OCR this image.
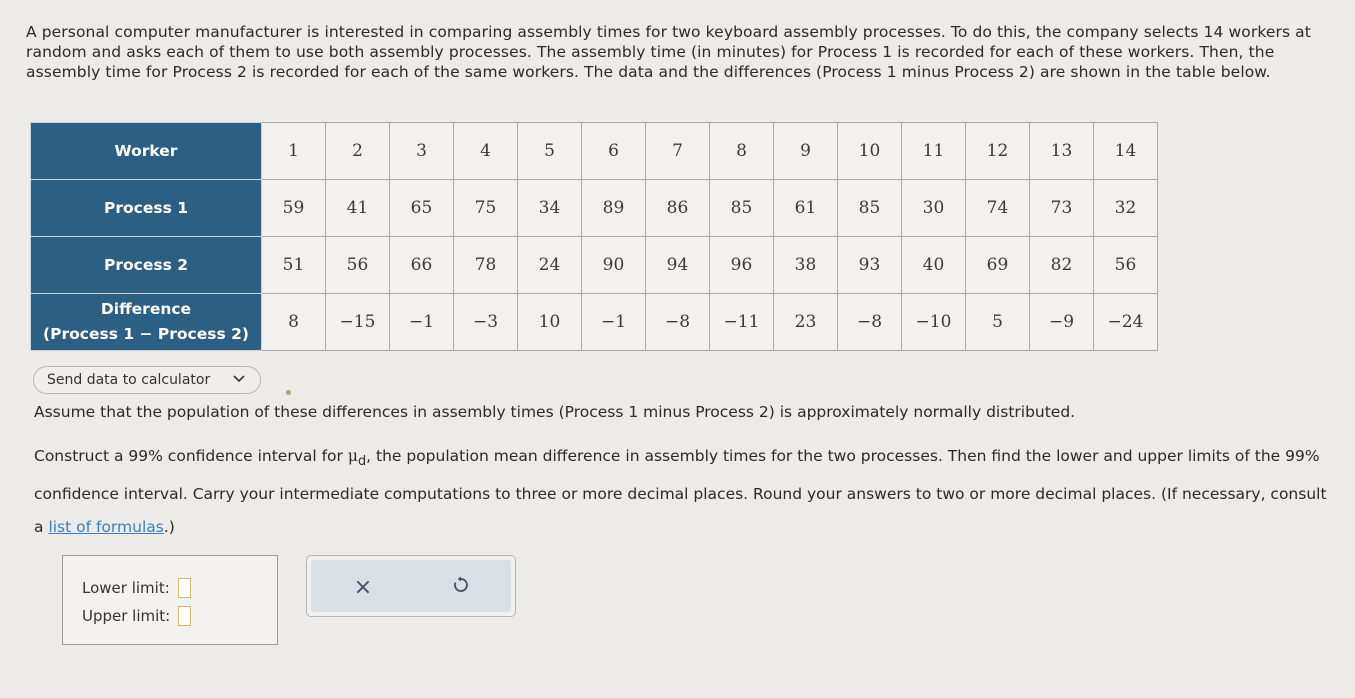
A personal computer manufacturer is interested in comparing assembly times for two keyboard assembly processes. To do this, the company selects 14 workers at random and asks each of them to use both assembly processes. The assembly time (in minutes) for Process 1 is recorded for each of these workers. Then, the assembly time for Process 2 is recorded for each of the same workers. The data and the differences (Process 1 minus Process 2) are shown in the table below.
Worker	1	2	3	4	5	6	7	8	9	10	11	12	13	14
Process 1	59	41	65	75	34	89	86	85	61	85	30	74	73	32
Process 2	51	56	66	78	24	90	94	96	38	93	40	69	82	56
Difference
(Process 1 − Process 2)	8	−15	−1	−3	10	−1	−8	−11	23	−8	−10	5	−9	−24
Send data to calculator
Assume that the population of these differences in assembly times (Process 1 minus Process 2) is approximately normally distributed.
Construct a 99% confidence interval for $\mu_d$, the population mean difference in assembly times for the two processes. Then find the lower and upper limits of the 99% confidence interval. Carry your intermediate computations to three or more decimal places. Round your answers to two or more decimal places. (If necessary, consult a list of formulas.)
Lower limit:
Upper limit:
×
